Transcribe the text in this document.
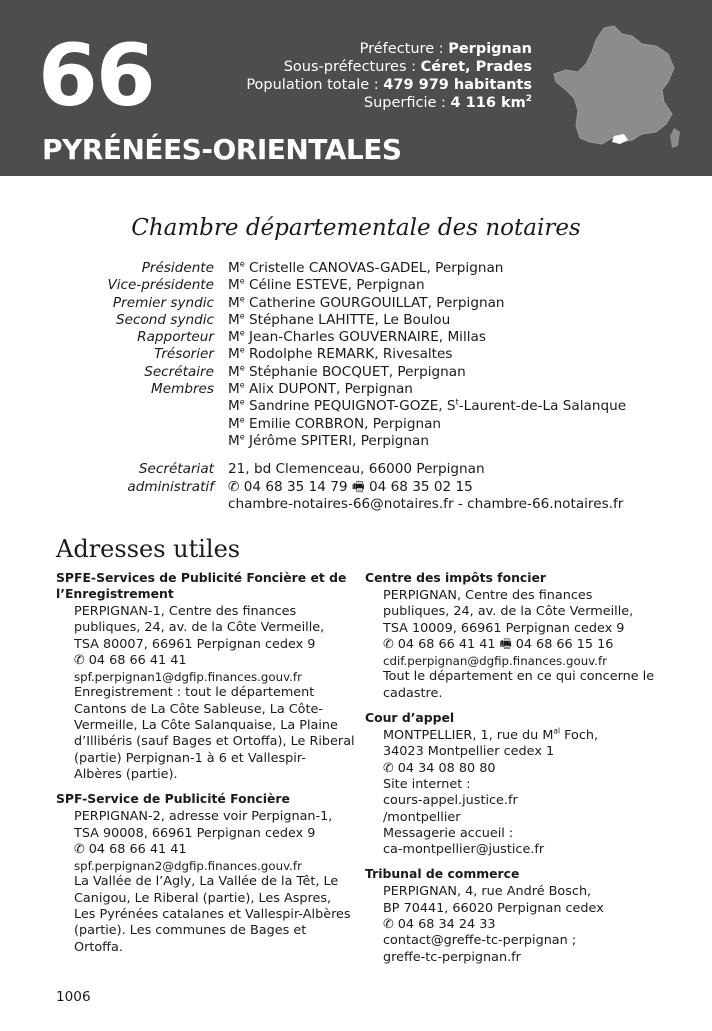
66
PYRÉNÉES-ORIENTALES
Préfecture : Perpignan
Sous-préfectures : Céret, Prades
Population totale : 479 979 habitants
Superficie : 4 116 $km^2$
Chambre départementale des notaires
Présidente	Me Cristelle CANOVAS-GADEL, Perpignan
Vice-présidente	Me Céline ESTEVE, Perpignan
Premier syndic	Me Catherine GOURGOUILLAT, Perpignan
Second syndic	Me Stéphane LAHITTE, Le Boulou
Rapporteur	Me Jean-Charles GOUVERNAIRE, Millas
Trésorier	Me Rodolphe REMARK, Rivesaltes
Secrétaire	Me Stéphanie BOCQUET, Perpignan
Membres	Me Alix DUPONT, Perpignan
Me Sandrine PEQUIGNOT-GOZE, $S^t-Laurent-de-La$ Salanque
Me Emilie CORBRON, Perpignan
Me Jérôme SPITERI, Perpignan
Secrétariat	21, bd Clemenceau, 66000 Perpignan
administratif	✆ 04 68 35 14 79 🖷 04 68 35 02 15
chambre-notaires-66@notaires.fr - chambre-66.notaires.fr
Adresses utiles
SPFE-Services de Publicité Foncière et de
l’Enregistrement
PERPIGNAN-1, Centre des finances
publiques, 24, av. de la Côte Vermeille,
TSA 80007, 66961 Perpignan cedex 9
✆ 04 68 66 41 41
spf.perpignan1@dgfip.finances.gouv.fr
Enregistrement : tout le département
Cantons de La Côte Sableuse, La Côte-
Vermeille, La Côte Salanquaise, La Plaine
d’Illibéris (sauf Bages et Ortoffa), Le Riberal
(partie) Perpignan-1 à 6 et Vallespir-
Albères (partie).
SPF-Service de Publicité Foncière
PERPIGNAN-2, adresse voir Perpignan-1,
TSA 90008, 66961 Perpignan cedex 9
✆ 04 68 66 41 41
spf.perpignan2@dgfip.finances.gouv.fr
La Vallée de l’Agly, La Vallée de la Têt, Le
Canigou, Le Riberal (partie), Les Aspres,
Les Pyrénées catalanes et Vallespir-Albères
(partie). Les communes de Bages et
Ortoffa.
Centre des impôts foncier
PERPIGNAN, Centre des finances
publiques, 24, av. de la Côte Vermeille,
TSA 10009, 66961 Perpignan cedex 9
✆ 04 68 66 41 41 🖷 04 68 66 15 16
cdif.perpignan@dgfip.finances.gouv.fr
Tout le département en ce qui concerne le
cadastre.
Cour d’appel
MONTPELLIER, 1, rue du $M^{al}$ Foch,
34023 Montpellier cedex 1
✆ 04 34 08 80 80
Site internet :
cours-appel.justice.fr
/montpellier
Messagerie accueil :
ca-montpellier@justice.fr
Tribunal de commerce
PERPIGNAN, 4, rue André Bosch,
BP 70441, 66020 Perpignan cedex
✆ 04 68 34 24 33
contact@greffe-tc-perpignan ;
greffe-tc-perpignan.fr
1006
